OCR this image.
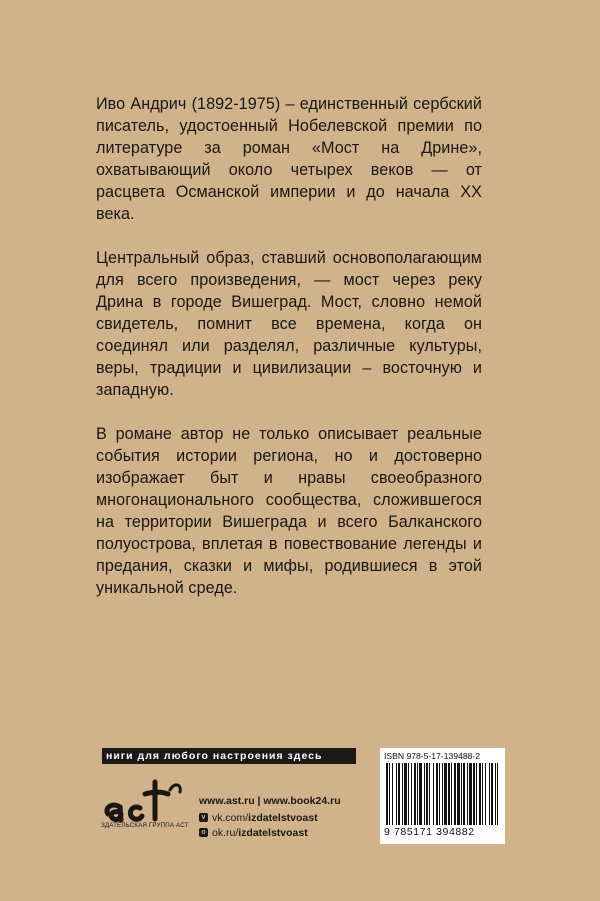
Иво Андрич (1892-1975) – единственный сербский писатель, удостоенный Нобелевской премии по литературе за роман «Мост на Дрине», охватывающий около четырех веков — от расцвета Османской империи и до начала XX века.

Центральный образ, ставший основополагающим для всего произведения, — мост через реку Дрина в городе Вишеград. Мост, словно немой свидетель, помнит все времена, когда он соединял или разделял, различные культуры, веры, традиции и цивилизации – восточную и западную.

В романе автор не только описывает реальные события истории региона, но и достоверно изображает быт и нравы своеобразного многонационального сообщества, сложившегося на территории Вишеграда и всего Балканского полуострова, вплетая в повествование легенды и предания, сказки и мифы, родившиеся в этой уникальной среде.

ниги для любого настроения здесь
ЗДАТЕЛЬСКАЯ ГРУППА АСТ
www.ast.ru | www.book24.ru
v vk.com/ izdatelstvoast
o ok.ru/ izdatelstvoast
ISBN 978-5-17-139488-2
9 785171 394882
